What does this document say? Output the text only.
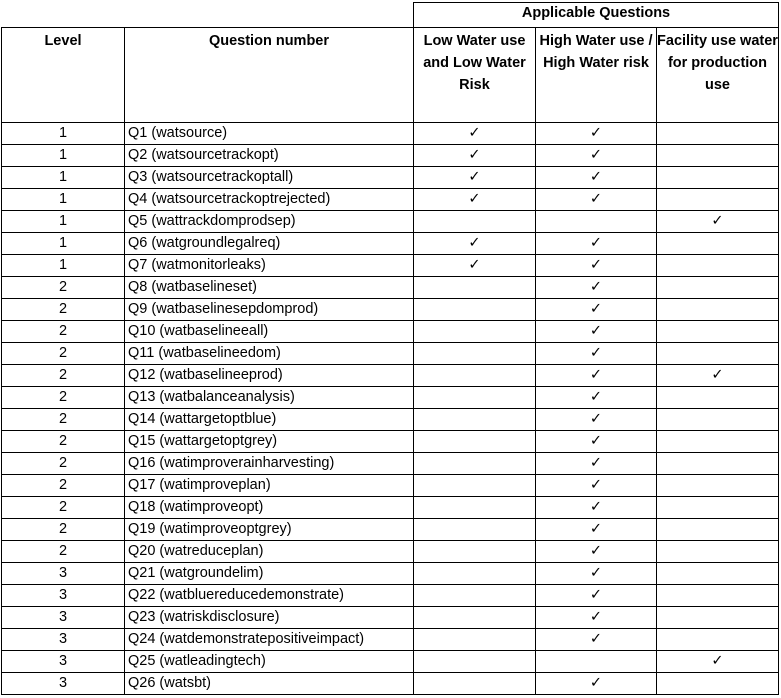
		Applicable Questions		
Level	Question number	Low Water use and Low Water Risk	High Water use / High Water risk	Facility use water for production use
1	Q1 (watsource)	✓	✓	
1	Q2 (watsourcetrackopt)	✓	✓	
1	Q3 (watsourcetrackoptall)	✓	✓	
1	Q4 (watsourcetrackoptrejected)	✓	✓	
1	Q5 (wattrackdomprodsep)			✓
1	Q6 (watgroundlegalreq)	✓	✓	
1	Q7 (watmonitorleaks)	✓	✓	
2	Q8 (watbaselineset)		✓	
2	Q9 (watbaselinesepdomprod)		✓	
2	Q10 (watbaselineeall)		✓	
2	Q11 (watbaselineedom)		✓	
2	Q12 (watbaselineeprod)		✓	✓
2	Q13 (watbalanceanalysis)		✓	
2	Q14 (wattargetoptblue)		✓	
2	Q15 (wattargetoptgrey)		✓	
2	Q16 (watimproverainharvesting)		✓	
2	Q17 (watimproveplan)		✓	
2	Q18 (watimproveopt)		✓	
2	Q19 (watimproveoptgrey)		✓	
2	Q20 (watreduceplan)		✓	
3	Q21 (watgroundelim)		✓	
3	Q22 (watbluereducedemonstrate)		✓	
3	Q23 (watriskdisclosure)		✓	
3	Q24 (watdemonstratepositiveimpact)		✓	
3	Q25 (watleadingtech)			✓
3	Q26 (watsbt)		✓	
